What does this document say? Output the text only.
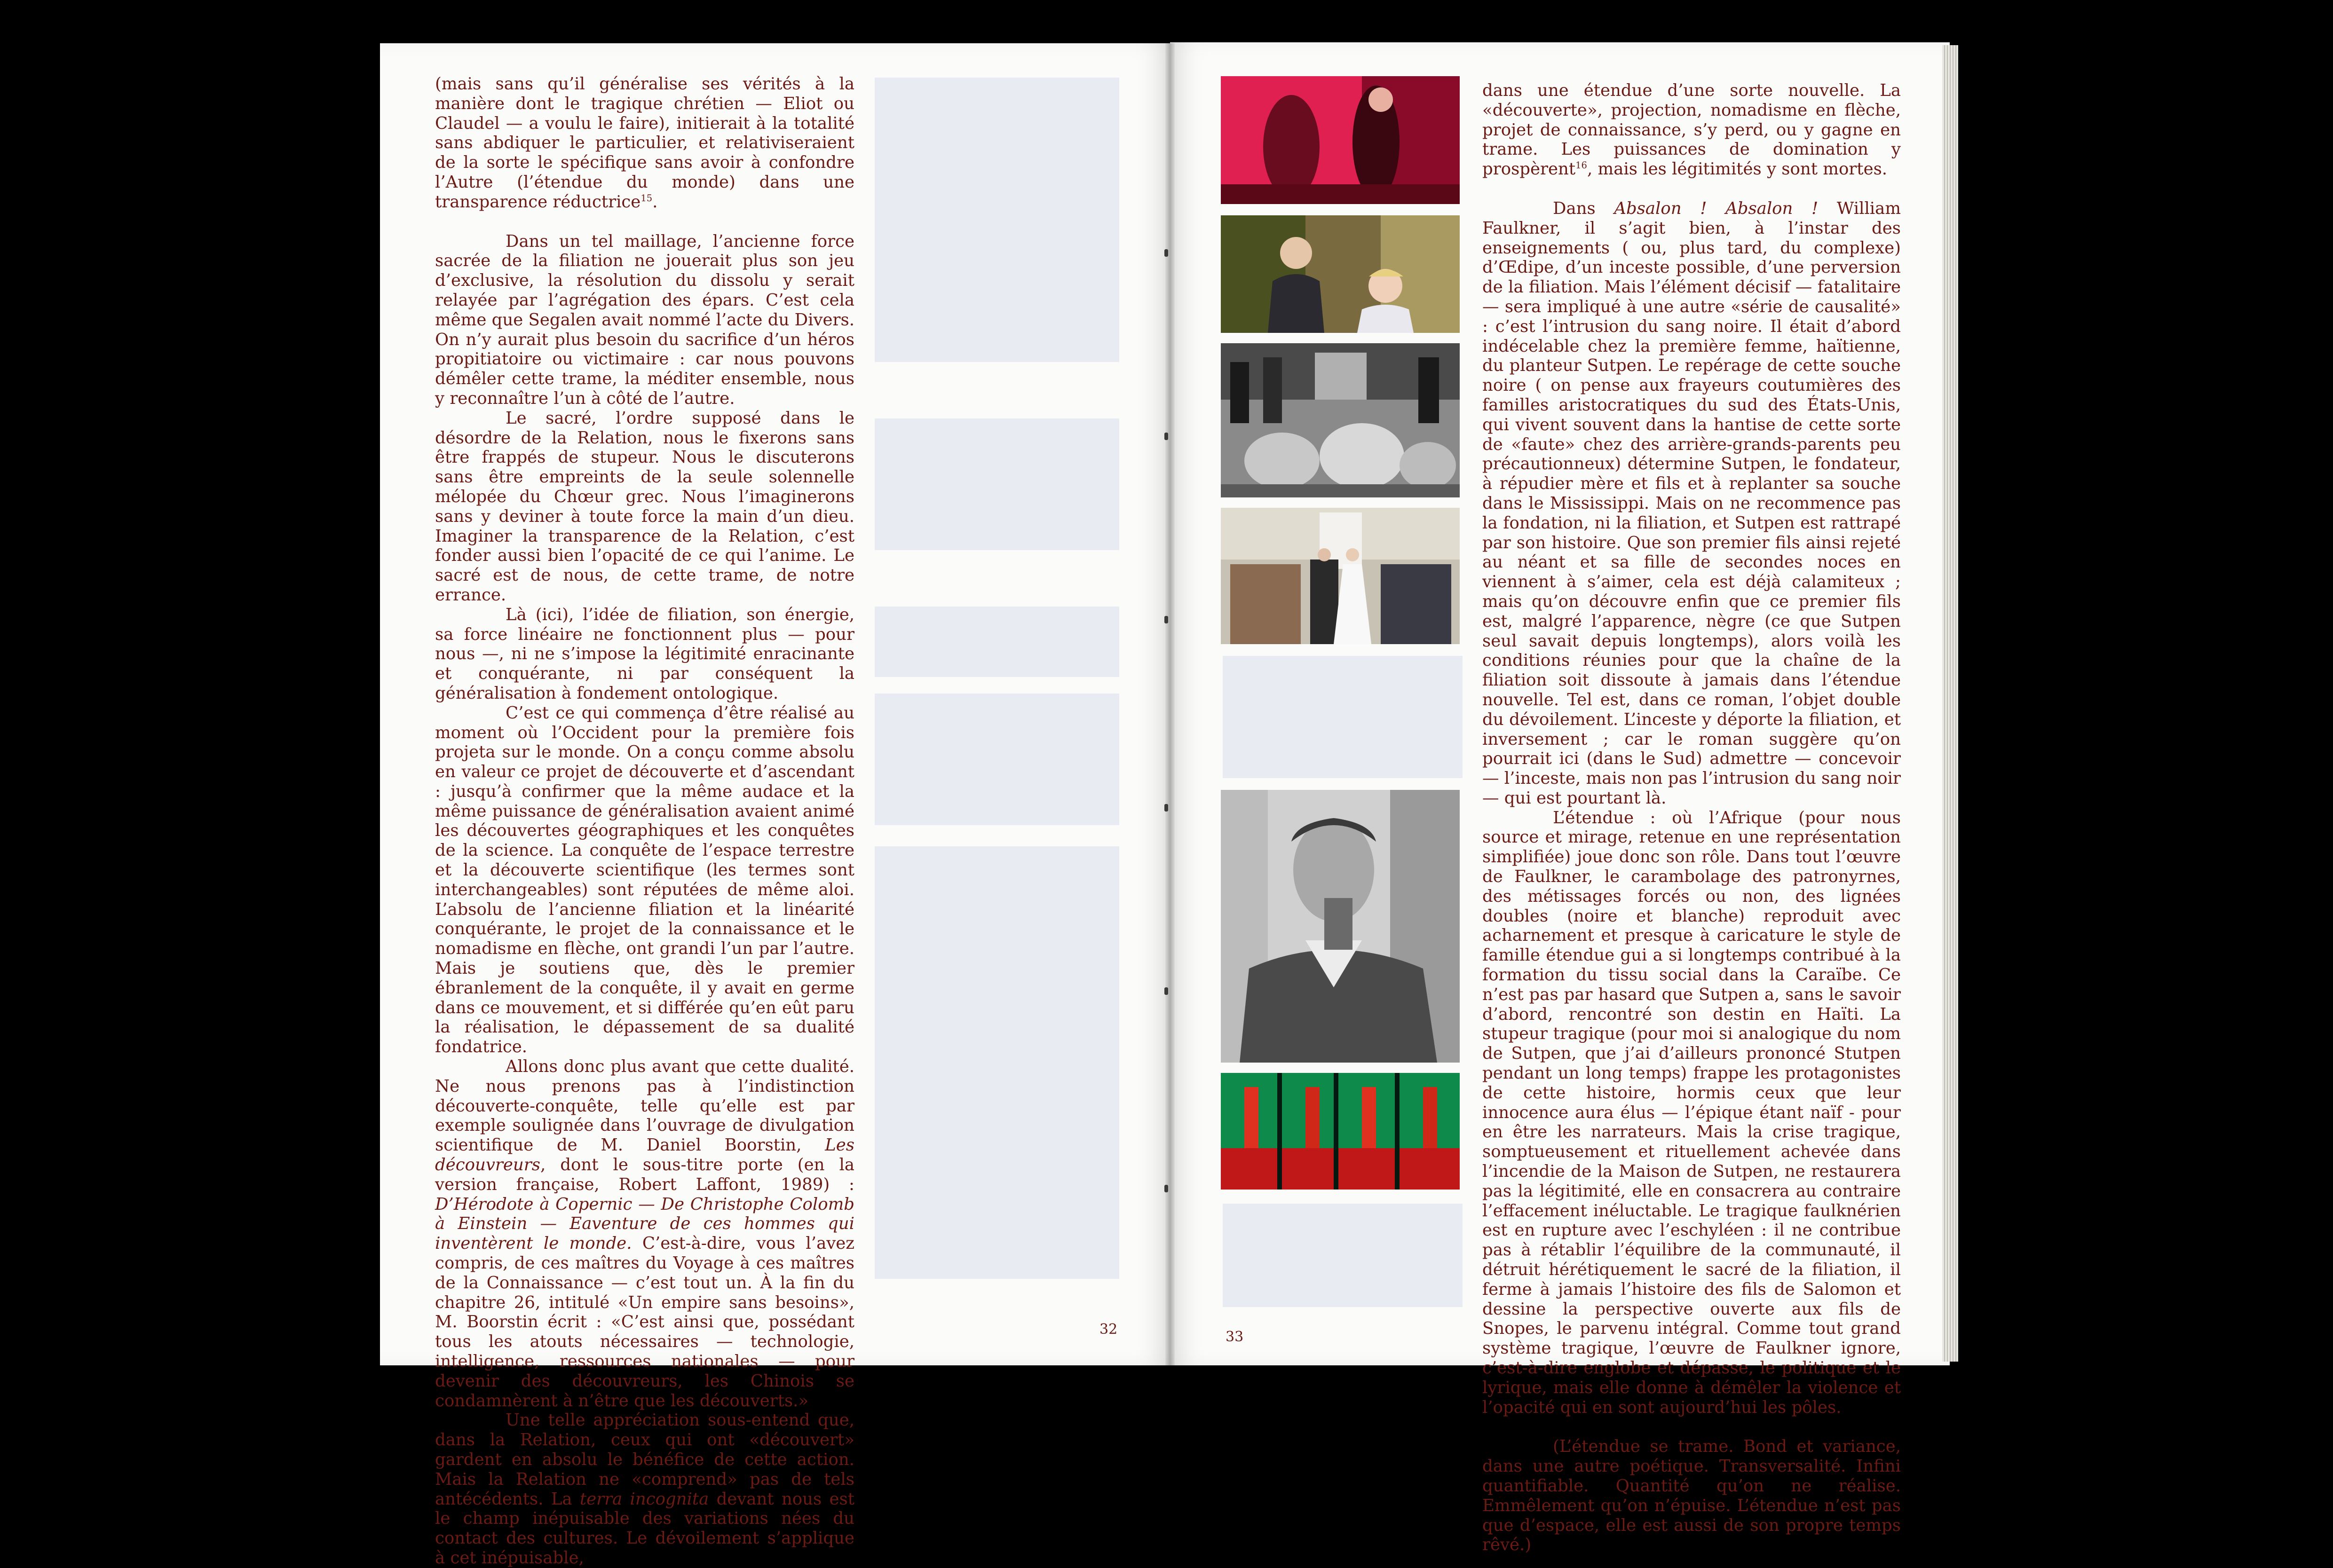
(mais sans qu’il généralise ses vérités à la manière dont le tragique chrétien — Eliot ou Claudel — a voulu le faire), initierait à la totalité sans abdiquer le particulier, et relativiseraient de la sorte le spécifique sans avoir à confondre l’Autre (l’étendue du monde) dans une transparence réductrice$^{15}$.

Dans un tel maillage, l’ancienne force sacrée de la filiation ne jouerait plus son jeu d’exclusive, la résolution du dissolu y serait relayée par l’agrégation des épars. C’est cela même que Segalen avait nommé l’acte du Divers. On n’y aurait plus besoin du sacrifice d’un héros propitiatoire ou victimaire : car nous pouvons démêler cette trame, la méditer ensemble, nous y reconnaître l’un à côté de l’autre.

Le sacré, l’ordre supposé dans le désordre de la Relation, nous le fixerons sans être frappés de stupeur. Nous le discuterons sans être empreints de la seule solennelle mélopée du Chœur grec. Nous l’imaginerons sans y deviner à toute force la main d’un dieu. Imaginer la transparence de la Relation, c’est fonder aussi bien l’opacité de ce qui l’anime. Le sacré est de nous, de cette trame, de notre errance.

Là (ici), l’idée de filiation, son énergie, sa force linéaire ne fonctionnent plus — pour nous —, ni ne s’impose la légitimité enracinante et conquérante, ni par conséquent la généralisation à fondement ontologique.

C’est ce qui commença d’être réalisé au moment où l’Occident pour la première fois projeta sur le monde. On a conçu comme absolu en valeur ce projet de découverte et d’ascendant : jusqu’à confirmer que la même audace et la même puissance de généralisation avaient animé les découvertes géographiques et les conquêtes de la science. La conquête de l’espace terrestre et la découverte scientifique (les termes sont interchangeables) sont réputées de même aloi. L’absolu de l’ancienne filiation et la linéarité conquérante, le projet de la connaissance et le nomadisme en flèche, ont grandi l’un par l’autre. Mais je soutiens que, dès le premier ébranlement de la conquête, il y avait en germe dans ce mouvement, et si différée qu’en eût paru la réalisation, le dépassement de sa dualité fondatrice.

Allons donc plus avant que cette dualité. Ne nous prenons pas à l’indistinction découverte-conquête, telle qu’elle est par exemple soulignée dans l’ouvrage de divulgation scientifique de M. Daniel Boorstin, Les découvreurs, dont le sous-titre porte (en la version française, Robert Laffont, 1989) : D’Hérodote à Copernic — De Christophe Colomb à Einstein — Eaventure de ces hommes qui inventèrent le monde. C’est-à-dire, vous l’avez compris, de ces maîtres du Voyage à ces maîtres de la Connaissance — c’est tout un. À la fin du chapitre 26, intitulé «Un empire sans besoins», M. Boorstin écrit : «C’est ainsi que, possédant tous les atouts nécessaires — technologie, intelligence, ressources nationales — pour devenir des découvreurs, les Chinois se condamnèrent à n’être que les découverts.»

Une telle appréciation sous-entend que, dans la Relation, ceux qui ont «découvert» gardent en absolu le bénéfice de cette action. Mais la Relation ne «comprend» pas de tels antécédents. La terra incognita devant nous est le champ inépuisable des variations nées du contact des cultures. Le dévoilement s’applique à cet inépuisable,

32

dans une étendue d’une sorte nouvelle. La «découverte», projection, nomadisme en flèche, projet de connaissance, s’y perd, ou y gagne en trame. Les puissances de domination y prospèrent$^{16}$, mais les légitimités y sont mortes.

Dans Absalon ! Absalon ! William Faulkner, il s’agit bien, à l’instar des enseignements ( ou, plus tard, du complexe) d’Œdipe, d’un inceste possible, d’une perversion de la filiation. Mais l’élément décisif — fatalitaire — sera impliqué à une autre «série de causalité» : c’est l’intrusion du sang noire. Il était d’abord indécelable chez la première femme, haïtienne, du planteur Sutpen. Le repérage de cette souche noire ( on pense aux frayeurs coutumières des familles aristocratiques du sud des États-Unis, qui vivent souvent dans la hantise de cette sorte de «faute» chez des arrière-grands-parents peu précautionneux) détermine Sutpen, le fondateur, à répudier mère et fils et à replanter sa souche dans le Mississippi. Mais on ne recommence pas la fondation, ni la filiation, et Sutpen est rattrapé par son histoire. Que son premier fils ainsi rejeté au néant et sa fille de secondes noces en viennent à s’aimer, cela est déjà calamiteux ; mais qu’on découvre enfin que ce premier fils est, malgré l’apparence, nègre (ce que Sutpen seul savait depuis longtemps), alors voilà les conditions réunies pour que la chaîne de la filiation soit dissoute à jamais dans l’étendue nouvelle. Tel est, dans ce roman, l’objet double du dévoilement. L’inceste y déporte la filiation, et inversement ; car le roman suggère qu’on pourrait ici (dans le Sud) admettre — concevoir — l’inceste, mais non pas l’intrusion du sang noir — qui est pourtant là.

L’étendue : où l’Afrique (pour nous source et mirage, retenue en une représentation simplifiée) joue donc son rôle. Dans tout l’œuvre de Faulkner, le carambolage des patronyrnes, des métissages forcés ou non, des lignées doubles (noire et blanche) reproduit avec acharnement et presque à caricature le style de famille étendue gui a si longtemps contribué à la formation du tissu social dans la Caraïbe. Ce n’est pas par hasard que Sutpen a, sans le savoir d’abord, rencontré son destin en Haïti. La stupeur tragique (pour moi si analogique du nom de Sutpen, que j’ai d’ailleurs prononcé Stutpen pendant un long temps) frappe les protagonistes de cette histoire, hormis ceux que leur innocence aura élus — l’épique étant naïf - pour en être les narrateurs. Mais la crise tragique, somptueusement et rituellement achevée dans l’incendie de la Maison de Sutpen, ne restaurera pas la légitimité, elle en consacrera au contraire l’effacement inéluctable. Le tragique faulknérien est en rupture avec l’eschyléen : il ne contribue pas à rétablir l’équilibre de la communauté, il détruit hérétiquement le sacré de la filiation, il ferme à jamais l’histoire des fils de Salomon et dessine la perspective ouverte aux fils de Snopes, le parvenu intégral. Comme tout grand système tragique, l’œuvre de Faulkner ignore, c’est-à-dire englobe et dépasse, le politique et le lyrique, mais elle donne à démêler la violence et l’opacité qui en sont aujourd’hui les pôles.

(L’étendue se trame. Bond et variance, dans une autre poétique. Transversalité. Infini quantifiable. Quantité qu’on ne réalise. Emmêlement qu’on n’épuise. L’étendue n’est pas que d’espace, elle est aussi de son propre temps rêvé.)

33
